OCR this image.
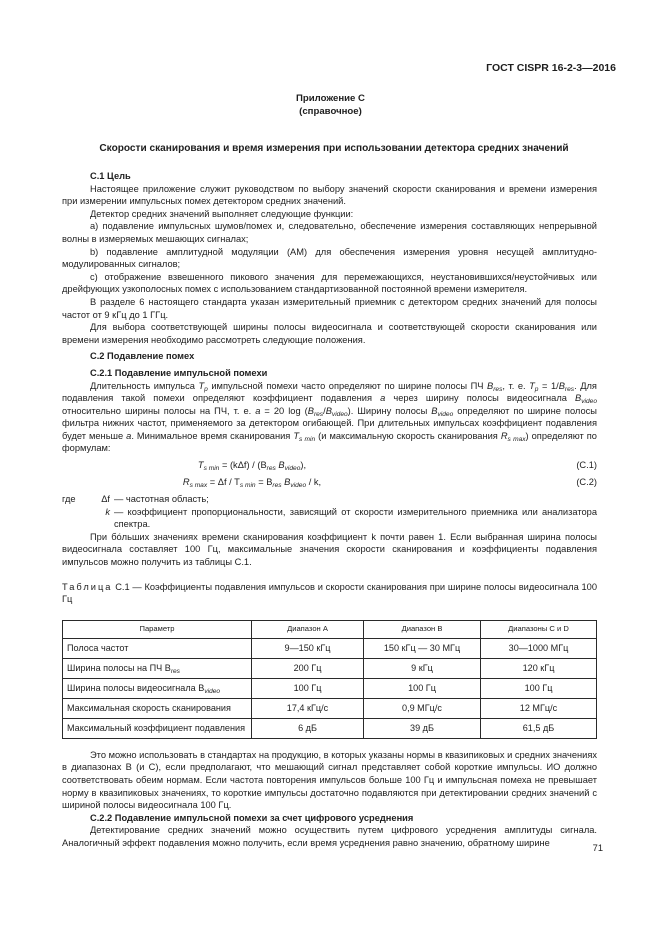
ГОСТ CISPR 16-2-3—2016
Приложение С
(справочное)
Скорости сканирования и время измерения при использовании детектора средних значений
С.1 Цель

Настоящее приложение служит руководством по выбору значений скорости сканирования и времени измерения при измерении импульсных помех детектором средних значений.

Детектор средних значений выполняет следующие функции:

а) подавление импульсных шумов/помех и, следовательно, обеспечение измерения составляющих непрерывной волны в измеряемых мешающих сигналах;

b) подавление амплитудной модуляции (АМ) для обеспечения измерения уровня несущей амплитудно-модулированных сигналов;

с) отображение взвешенного пикового значения для перемежающихся, неустановившихся/неустойчивых или дрейфующих узкополосных помех с использованием стандартизованной постоянной времени измерителя.

В разделе 6 настоящего стандарта указан измерительный приемник с детектором средних значений для полосы частот от 9 кГц до 1 ГГц.

Для выбора соответствующей ширины полосы видеосигнала и соответствующей скорости сканирования или времени измерения необходимо рассмотреть следующие положения.

С.2 Подавление помех
С.2.1 Подавление импульсной помехи

Длительность импульса $T_p$ импульсной помехи часто определяют по ширине полосы ПЧ $B_{res}$, т. е. $T_p = 1/B_{res}$. Для подавления такой помехи определяют коэффициент подавления a через ширину полосы видеосигнала $B_{video}$ относительно ширины полосы на ПЧ, т. е. a = 20 $\log (B_{res}/B_{video})$. Ширину полосы $B_{video}$ определяют по ширине полосы фильтра нижних частот, применяемого за детектором огибающей. При длительных импульсах коэффициент подавления будет меньше a. Минимальное время сканирования $T_{s min}$ (и максимальную скорость сканирования $R_{s max}$) определяют по формулам:

$T_{s min} = (k\Delta f) / (B_{res}$ $B_{video}$),	(С.1)
$R_{s max} = \Delta f / T_{s min} = B_{res}$ $B_{video}$ / k,	(С.2)
где	Δf — частотная область;
k — коэффициент пропорциональности, зависящий от скорости измерительного приемника или анализатора спектра.

При бóльших значениях времени сканирования коэффициент k почти равен 1. Если выбранная ширина полосы видеосигнала составляет 100 Гц, максимальные значения скорости сканирования и коэффициенты подавления импульсов можно получить из таблицы С.1.

Таблица С.1 — Коэффициенты подавления импульсов и скорости сканирования при ширине полосы видеосигнала 100 Гц

Параметр	Диапазон А	Диапазон В	Диапазоны С и D
Полоса частот	9—150 кГц	150 кГц — 30 МГц	30—1000 МГц
Ширина полосы на ПЧ $B_{res}$	200 Гц	9 кГц	120 кГц
Ширина полосы видеосигнала $B_{video}$	100 Гц	100 Гц	100 Гц
Максимальная скорость сканирования	17,4 кГц/с	0,9 МГц/с	12 МГц/с
Максимальный коэффициент подавления	6 дБ	39 дБ	61,5 дБ

Это можно использовать в стандартах на продукцию, в которых указаны нормы в квазипиковых и средних значениях в диапазонах В (и С), если предполагают, что мешающий сигнал представляет собой короткие импульсы. ИО должно соответствовать обеим нормам. Если частота повторения импульсов больше 100 Гц и импульсная помеха не превышает норму в квазипиковых значениях, то короткие импульсы достаточно подавляются при детектировании средних значений с шириной полосы видеосигнала 100 Гц.

С.2.2 Подавление импульсной помехи за счет цифрового усреднения

Детектирование средних значений можно осуществить путем цифрового усреднения амплитуды сигнала. Аналогичный эффект подавления можно получить, если время усреднения равно значению, обратному ширине

71
